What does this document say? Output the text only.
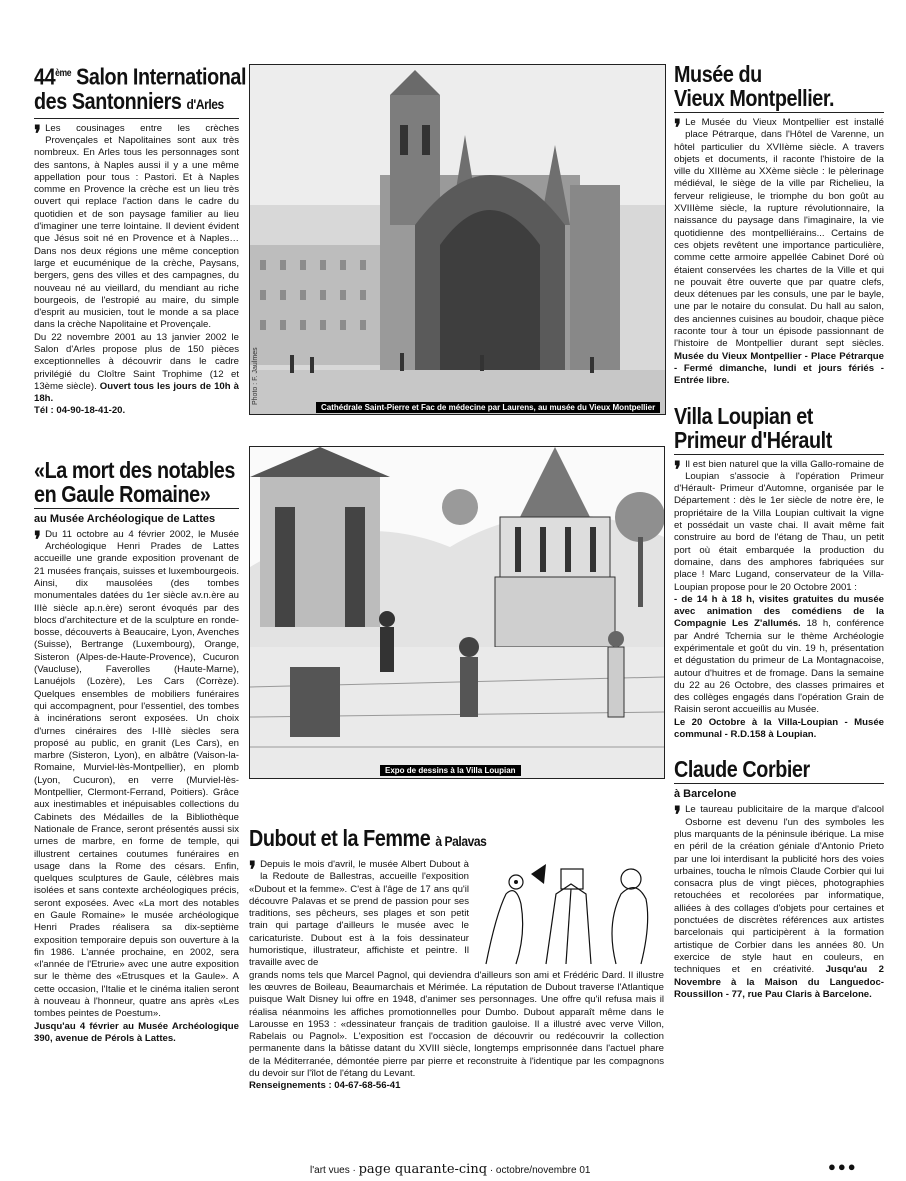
44ème Salon International
des Santonniers d'Arles

❜ Les cousinages entre les crèches Provençales et Napolitaines sont aux très nombreux. En Arles tous les personnages sont des santons, à Naples aussi il y a une même appellation pour tous : Pastori. Et à Naples comme en Provence la crèche est un lieu très ouvert qui replace l'action dans le cadre du quotidien et de son paysage familier au lieu d'imaginer une terre lointaine. Il devient évident que Jésus soit né en Provence et à Naples… Dans nos deux régions une même conception large et eucuménique de la crèche, Paysans, bergers, gens des villes et des campagnes, du nouveau né au vieillard, du mendiant au riche bourgeois, de l'estropié au maire, du simple d'esprit au musicien, tout le monde a sa place dans la crèche Napolitaine et Provençale.
Du 22 novembre 2001 au 13 janvier 2002 le Salon d'Arles propose plus de 150 pièces exceptionnelles à découvrir dans le cadre privilégié du Cloître Saint Trophime (12 et 13ème siècle). Ouvert tous les jours de 10h à 18h.
Tél : 04-90-18-41-20.

«La mort des notables
en Gaule Romaine»
au Musée Archéologique de Lattes

❜ Du 11 octobre au 4 février 2002, le Musée Archéologique Henri Prades de Lattes accueille une grande exposition provenant de 21 musées français, suisses et luxembourgeois. Ainsi, dix mausolées (des tombes monumentales datées du 1er siècle av.n.ère au IIIè siècle ap.n.ère) seront évoqués par des blocs d'architecture et de la sculpture en ronde-bosse, découverts à Beaucaire, Lyon, Avenches (Suisse), Bertrange (Luxembourg), Orange, Sisteron (Alpes-de-Haute-Provence), Cucuron (Vaucluse), Faverolles (Haute-Marne), Lanuéjols (Lozère), Les Cars (Corrèze). Quelques ensembles de mobiliers funéraires qui accompagnent, pour l'essentiel, des tombes à incinérations seront exposées. Un choix d'urnes cinéraires des I-IIIè siècles sera proposé au public, en granit (Les Cars), en marbre (Sisteron, Lyon), en albâtre (Vaison-la-Romaine, Murviel-lès-Montpellier), en plomb (Lyon, Cucuron), en verre (Murviel-lès-Montpellier, Clermont-Ferrand, Poitiers). Grâce aux inestimables et inépuisables collections du Cabinets des Médailles de la Bibliothèque Nationale de France, seront présentés aussi six urnes de marbre, en forme de temple, qui illustrent certaines coutumes funéraires en usage dans la Rome des césars. Enfin, quelques sculptures de Gaule, célèbres mais isolées et sans contexte archéologiques précis, seront exposées. Avec «La mort des notables en Gaule Romaine» le musée archéologique Henri Prades réalisera sa dix-septième exposition temporaire depuis son ouverture à la fin 1986. L'année prochaine, en 2002, sera «l'année de l'Etrurie» avec une autre exposition sur le thème des «Etrusques et la Gaule». A cette occasion, l'Italie et le cinéma italien seront à nouveau à l'honneur, quatre ans après «Les tombes peintes de Poestum».
Jusqu'au 4 février au Musée Archéologique 390, avenue de Pérols à Lattes.

Cathédrale Saint-Pierre et Fac de médecine par Laurens, au musée du Vieux Montpellier
Photo : F. Jaulmes
Expo de dessins à la Villa Loupian
Dubout et la Femme à Palavas

❜ Depuis le mois d'avril, le musée Albert Dubout à la Redoute de Ballestras, accueille l'exposition «Dubout et la femme». C'est à l'âge de 17 ans qu'il découvre Palavas et se prend de passion pour ses traditions, ses pêcheurs, ses plages et son petit train qui partage d'ailleurs le musée avec le caricaturiste. Dubout est à la fois dessinateur humoristique, illustrateur, affichiste et peintre. Il travaille avec de

grands noms tels que Marcel Pagnol, qui deviendra d'ailleurs son ami et Frédéric Dard. Il illustre les œuvres de Boileau, Beaumarchais et Mérimée. La réputation de Dubout traverse l'Atlantique puisque Walt Disney lui offre en 1948, d'animer ses personnages. Une offre qu'il refusa mais il réalisa néanmoins les affiches promotionnelles pour Dumbo. Dubout apparaît même dans le Larousse en 1953 : «dessinateur français de tradition gauloise. Il a illustré avec verve Villon, Rabelais ou Pagnol». L'exposition est l'occasion de découvrir ou redécouvrir la collection permanente dans la bâtisse datant du XVIII siècle, longtemps emprisonnée dans l'actuel phare de la Méditerranée, démontée pierre par pierre et reconstruite à l'identique par les compagnons du devoir sur l'îlot de l'étang du Levant.

Renseignements : 04-67-68-56-41

Musée du
Vieux Montpellier.

❜ Le Musée du Vieux Montpellier est installé place Pétrarque, dans l'Hôtel de Varenne, un hôtel particulier du XVIIème siècle. A travers objets et documents, il raconte l'histoire de la ville du XIIIème au XXème siècle : le pèlerinage médiéval, le siège de la ville par Richelieu, la ferveur religieuse, le triomphe du bon goût au XVIIIème siècle, la rupture révolutionnaire, la naissance du paysage dans l'imaginaire, la vie quotidienne des montpelliérains... Certains de ces objets revêtent une importance particulière, comme cette armoire appellée Cabinet Doré où étaient conservées les chartes de la Ville et qui ne pouvait être ouverte que par quatre clefs, deux détenues par les consuls, une par le bayle, une par le notaire du consulat. Du hall au salon, des anciennes cuisines au boudoir, chaque pièce raconte tour à tour un épisode passionnant de l'histoire de Montpellier durant sept siècles. Musée du Vieux Montpellier - Place Pétrarque - Fermé dimanche, lundi et jours fériés - Entrée libre.

Villa Loupian et
Primeur d'Hérault

❜ Il est bien naturel que la villa Gallo-romaine de Loupian s'associe à l'opération Primeur d'Hérault- Primeur d'Automne, organisée par le Département : dès le 1er siècle de notre ère, le propriétaire de la Villa Loupian cultivait la vigne et possédait un vaste chai. Il avait même fait construire au bord de l'étang de Thau, un petit port où était embarquée la production du domaine, dans des amphores fabriquées sur place ! Marc Lugand, conservateur de la Villa-Loupian propose pour le 20 Octobre 2001 :
- de 14 h à 18 h, visites gratuites du musée avec animation des comédiens de la Compagnie Les Z'allumés. 18 h, conférence par André Tchernia sur le thème Archéologie expérimentale et goût du vin. 19 h, présentation et dégustation du primeur de La Montagnacoise, autour d'huitres et de fromage. Dans la semaine du 22 au 26 Octobre, des classes primaires et des collèges engagés dans l'opération Grain de Raisin seront accueillis au Musée.
Le 20 Octobre à la Villa-Loupian - Musée communal - R.D.158 à Loupian.

Claude Corbier
à Barcelone

❜ Le taureau publicitaire de la marque d'alcool Osborne est devenu l'un des symboles les plus marquants de la péninsule ibérique. La mise en péril de la création géniale d'Antonio Prieto par une loi interdisant la publicité hors des voies urbaines, toucha le nîmois Claude Corbier qui lui consacra plus de vingt pièces, photographies retouchées et recolorées par informatique, alliées à des collages d'objets pour certaines et ponctuées de discrètes références aux artistes barcelonais qui participèrent à la formation artistique de Corbier dans les années 80. Un exercice de style haut en couleurs, en techniques et en créativité. Jusqu'au 2 Novembre à la Maison du Languedoc-Roussillon - 77, rue Pau Claris à Barcelone.

l'art vues · page quarante-cinq · octobre/novembre 01	●●●
